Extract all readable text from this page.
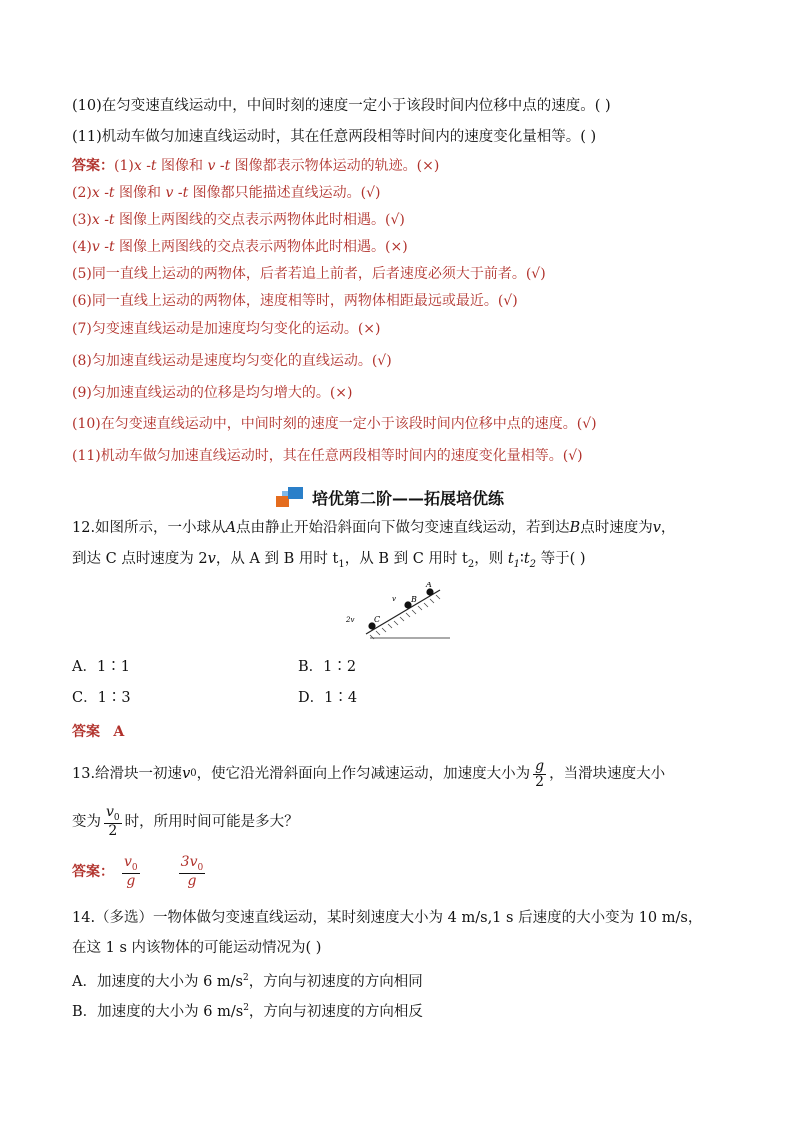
(10)在匀变速直线运动中，中间时刻的速度一定小于该段时间内位移中点的速度。( )
(11)机动车做匀加速直线运动时，其在任意两段相等时间内的速度变化量相等。( )
答案：(1)x -t 图像和 v -t 图像都表示物体运动的轨迹。(×)
(2)x -t 图像和 v -t 图像都只能描述直线运动。(√)
(3)x -t 图像上两图线的交点表示两物体此时相遇。(√)
(4)v -t 图像上两图线的交点表示两物体此时相遇。(×)
(5)同一直线上运动的两物体，后者若追上前者，后者速度必须大于前者。(√)
(6)同一直线上运动的两物体，速度相等时，两物体相距最远或最近。(√)
(7)匀变速直线运动是加速度均匀变化的运动。(×)
(8)匀加速直线运动是速度均匀变化的直线运动。(√)
(9)匀加速直线运动的位移是均匀增大的。(×)
(10)在匀变速直线运动中，中间时刻的速度一定小于该段时间内位移中点的速度。(√)
(11)机动车做匀加速直线运动时，其在任意两段相等时间内的速度变化量相等。(√)
培优第二阶——拓展培优练
12.如图所示，一小球从A点由静止开始沿斜面向下做匀变速直线运动，若到达B点时速度为v，
到达 C 点时速度为 2v，从 A 到 B 用时 $t_1$，从 B 到 C 用时 $t_2$，则 $t_1∶t_2$ 等于( )
C
B
A
v
2v
A．1∶1	B．1∶2
C．1∶3	D．1∶4
答案 A
13.给滑块一初速 v 0 ，使它沿光滑斜面向上作匀减速运动，加速度大小为 $\frac{g}{2}$ ，当滑块速度大小
变为 $\frac{v_0}{2}$ 时，所用时间可能是多大？
答案： $\frac{v_0}{g}$	$\frac{3v_0}{g}$
14.（多选）一物体做匀变速直线运动，某时刻速度大小为 4 m/s,1 s 后速度的大小变为 10 m/s，
在这 1 s 内该物体的可能运动情况为( )
A．加速度的大小为 6 $m/s^2$，方向与初速度的方向相同
B．加速度的大小为 6 $m/s^2$，方向与初速度的方向相反
